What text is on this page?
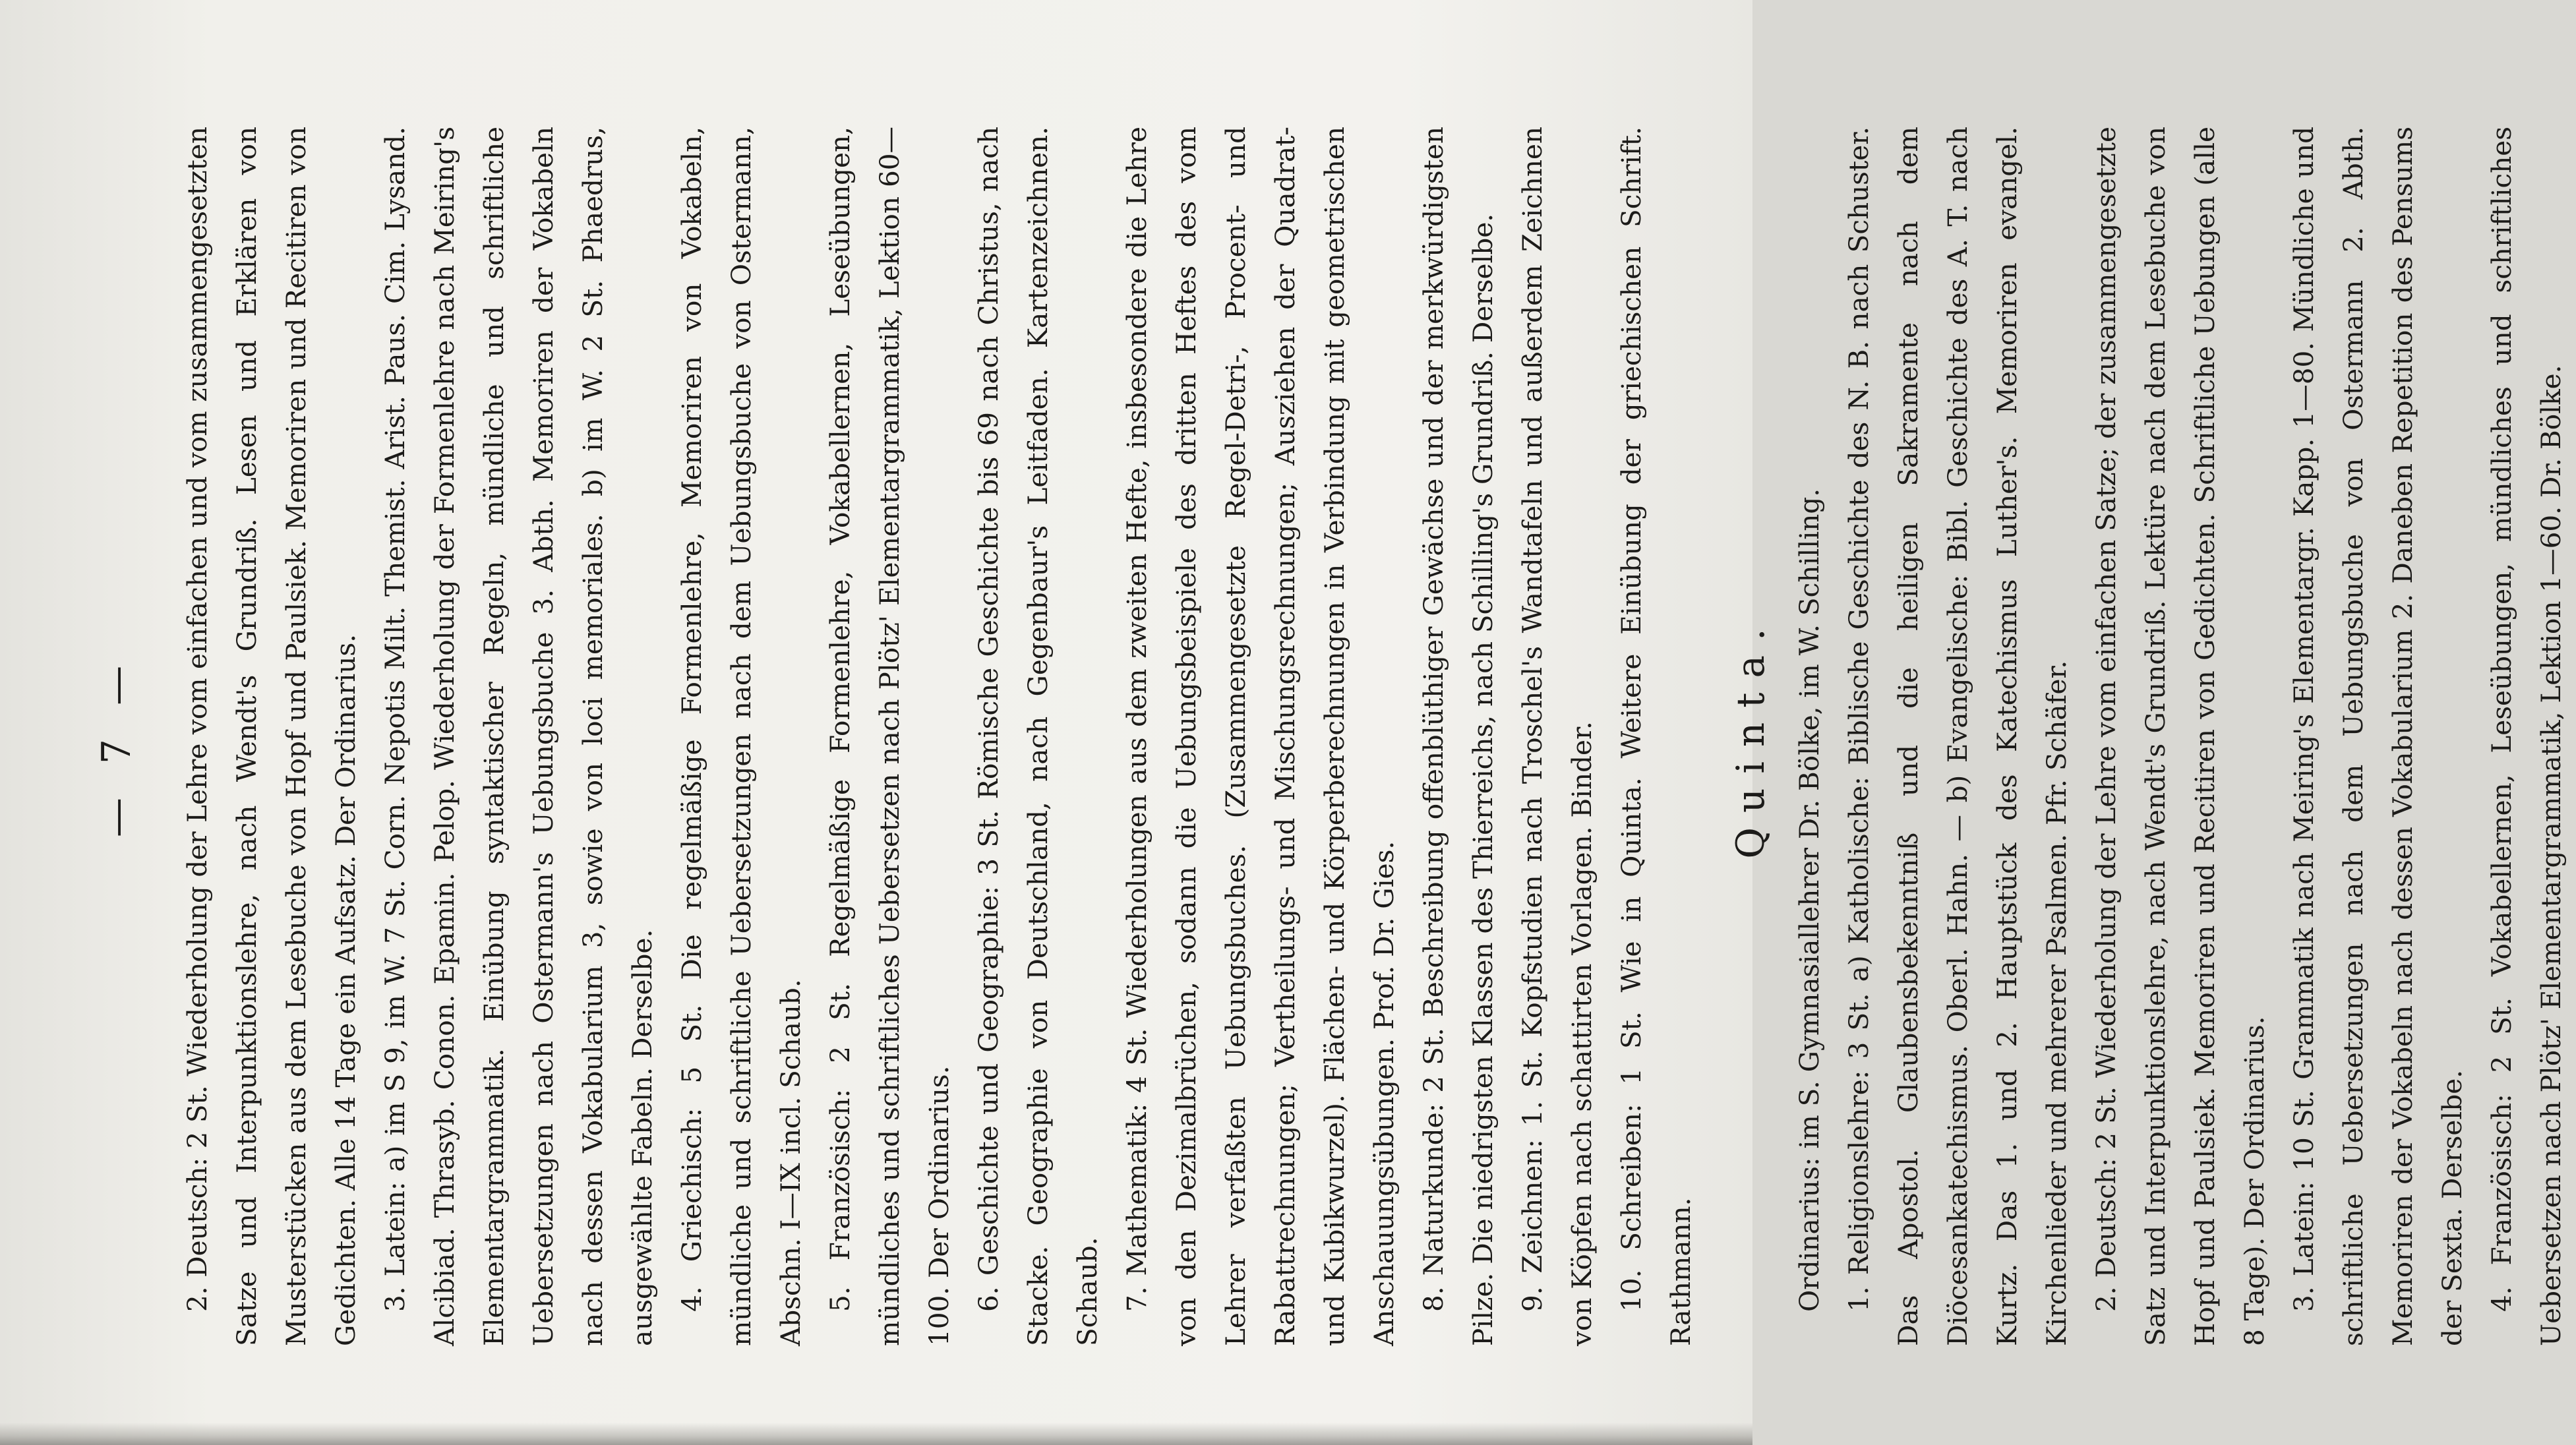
— 7 —	2. Deutsch: 2 St. Wiederholung der Lehre vom einfachen und vom zusammengesetzten Satze und Interpunktionslehre, nach Wendt's Grundriß. Lesen und Erklären von Musterstücken aus dem Lesebuche von Hopf und Paulsiek. Memoriren und Recitiren von Gedichten. Alle 14 Tage ein Aufsatz. Der Ordinarius. 3. Latein: a) im S 9, im W. 7 St. Corn. Nepotis Milt. Themist. Arist. Paus. Cim. Lysand. Alcibiad. Thrasyb. Conon. Epamin. Pelop. Wiederholung der Formenlehre nach Meiring's Elementargrammatik. Einübung syntaktischer Regeln, mündliche und schriftliche Uebersetzungen nach Ostermann's Uebungsbuche 3. Abth. Memoriren der Vokabeln nach dessen Vokabularium 3, sowie von loci memoriales. b) im W. 2 St. Phaedrus, ausgewählte Fabeln. Derselbe. 4. Griechisch: 5 St. Die regelmäßige Formenlehre, Memoriren von Vokabeln, mündliche und schriftliche Uebersetzungen nach dem Uebungsbuche von Ostermann, Abschn. I—IX incl. Schaub. 5. Französisch: 2 St. Regelmäßige Formenlehre, Vokabellernen, Leseübungen, mündliches und schriftliches Uebersetzen nach Plötz' Elementargrammatik, Lektion 60—100. Der Ordinarius. 6. Geschichte und Geographie: 3 St. Römische Geschichte bis 69 nach Christus, nach Stacke. Geographie von Deutschland, nach Gegenbaur's Leitfaden. Kartenzeichnen. Schaub. 7. Mathematik: 4 St. Wiederholungen aus dem zweiten Hefte, insbesondere die Lehre von den Dezimalbrüchen, sodann die Uebungsbeispiele des dritten Heftes des vom Lehrer verfaßten Uebungsbuches. (Zusammengesetzte Regel-Detri-, Procent- und Rabattrechnungen; Vertheilungs- und Mischungsrechnungen; Ausziehen der Quadrat- und Kubikwurzel). Flächen- und Körperberechnungen in Verbindung mit geometrischen Anschauungsübungen. Prof. Dr. Gies. 8. Naturkunde: 2 St. Beschreibung offenblüthiger Gewächse und der merkwürdigsten Pilze. Die niedrigsten Klassen des Thierreichs, nach Schilling's Grundriß. Derselbe. 9. Zeichnen: 1. St. Kopfstudien nach Troschel's Wandtafeln und außerdem Zeichnen von Köpfen nach schattirten Vorlagen. Binder. 10. Schreiben: 1 St. Wie in Quinta. Weitere Einübung der griechischen Schrift. Rathmann.

Quinta. Ordinarius: im S. Gymnasiallehrer Dr. Bölke, im W. Schilling. 1. Religionslehre: 3 St. a) Katholische: Biblische Geschichte des N. B. nach Schuster. Das Apostol. Glaubensbekenntniß und die heiligen Sakramente nach dem Diöcesankatechismus. Oberl. Hahn. — b) Evangelische: Bibl. Geschichte des A. T. nach Kurtz. Das 1. und 2. Hauptstück des Katechismus Luther's. Memoriren evangel. Kirchenlieder und mehrerer Psalmen. Pfr. Schäfer. 2. Deutsch: 2 St. Wiederholung der Lehre vom einfachen Satze; der zusammengesetzte Satz und Interpunktionslehre, nach Wendt's Grundriß. Lektüre nach dem Lesebuche von Hopf und Paulsiek. Memoriren und Recitiren von Gedichten. Schriftliche Uebungen (alle 8 Tage). Der Ordinarius. 3. Latein: 10 St. Grammatik nach Meiring's Elementargr. Kapp. 1—80. Mündliche und schriftliche Uebersetzungen nach dem Uebungsbuche von Ostermann 2. Abth. Memoriren der Vokabeln nach dessen Vokabularium 2. Daneben Repetition des Pensums der Sexta. Derselbe. 4. Französisch: 2 St. Vokabellernen, Leseübungen, mündliches und schriftliches Uebersetzen nach Plötz' Elementargrammatik, Lektion 1—60. Dr. Bölke.
